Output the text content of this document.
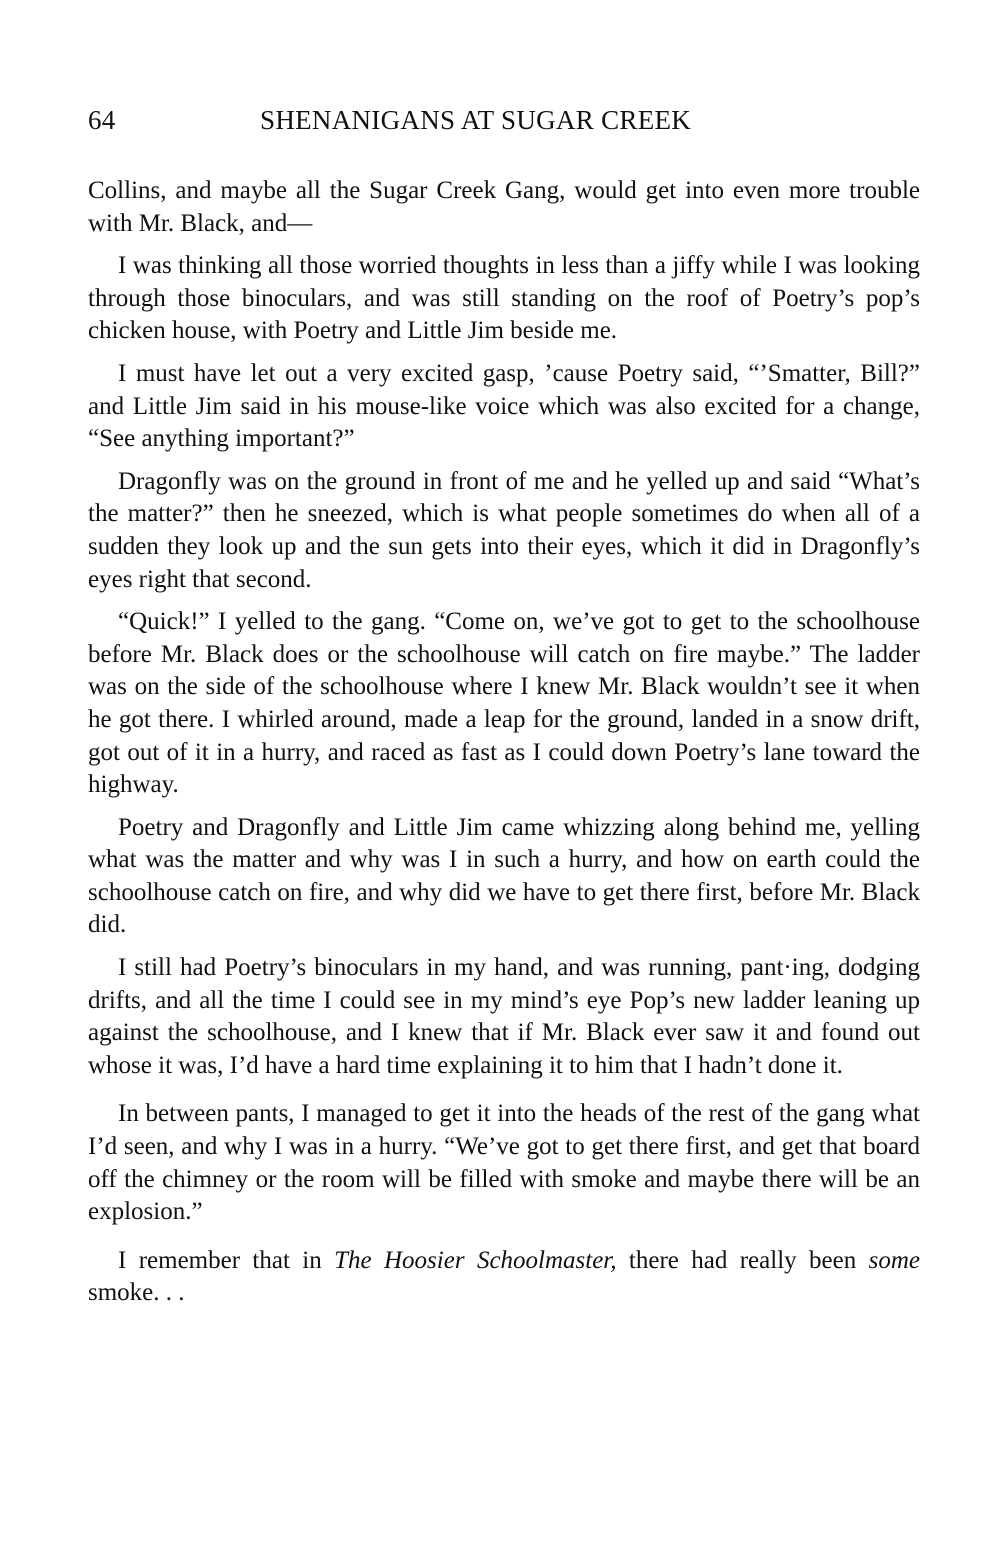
64	SHENANIGANS AT SUGAR CREEK

Collins, and maybe all the Sugar Creek Gang, would get into even more trouble with Mr. Black, and—

I was thinking all those worried thoughts in less than a jiffy while I was looking through those binoculars, and was still standing on the roof of Poetry’s pop’s chicken house, with Poetry and Little Jim beside me.

I must have let out a very excited gasp, ’cause Poetry said, “’Smatter, Bill?” and Little Jim said in his mouse-like voice which was also excited for a change, “See anything important?”

Dragonfly was on the ground in front of me and he yelled up and said “What’s the matter?” then he sneezed, which is what people sometimes do when all of a sudden they look up and the sun gets into their eyes, which it did in Dragonfly’s eyes right that second.

“Quick!” I yelled to the gang. “Come on, we’ve got to get to the schoolhouse before Mr. Black does or the schoolhouse will catch on fire maybe.” The ladder was on the side of the schoolhouse where I knew Mr. Black wouldn’t see it when he got there. I whirled around, made a leap for the ground, landed in a snow drift, got out of it in a hurry, and raced as fast as I could down Poetry’s lane toward the highway.

Poetry and Dragonfly and Little Jim came whizzing along behind me, yelling what was the matter and why was I in such a hurry, and how on earth could the schoolhouse catch on fire, and why did we have to get there first, before Mr. Black did.

I still had Poetry’s binoculars in my hand, and was running, pant·ing, dodging drifts, and all the time I could see in my mind’s eye Pop’s new ladder leaning up against the schoolhouse, and I knew that if Mr. Black ever saw it and found out whose it was, I’d have a hard time explaining it to him that I hadn’t done it.

In between pants, I managed to get it into the heads of the rest of the gang what I’d seen, and why I was in a hurry. “We’ve got to get there first, and get that board off the chimney or the room will be filled with smoke and maybe there will be an explosion.”

I remember that in The Hoosier Schoolmaster, there had really been some smoke. . .
